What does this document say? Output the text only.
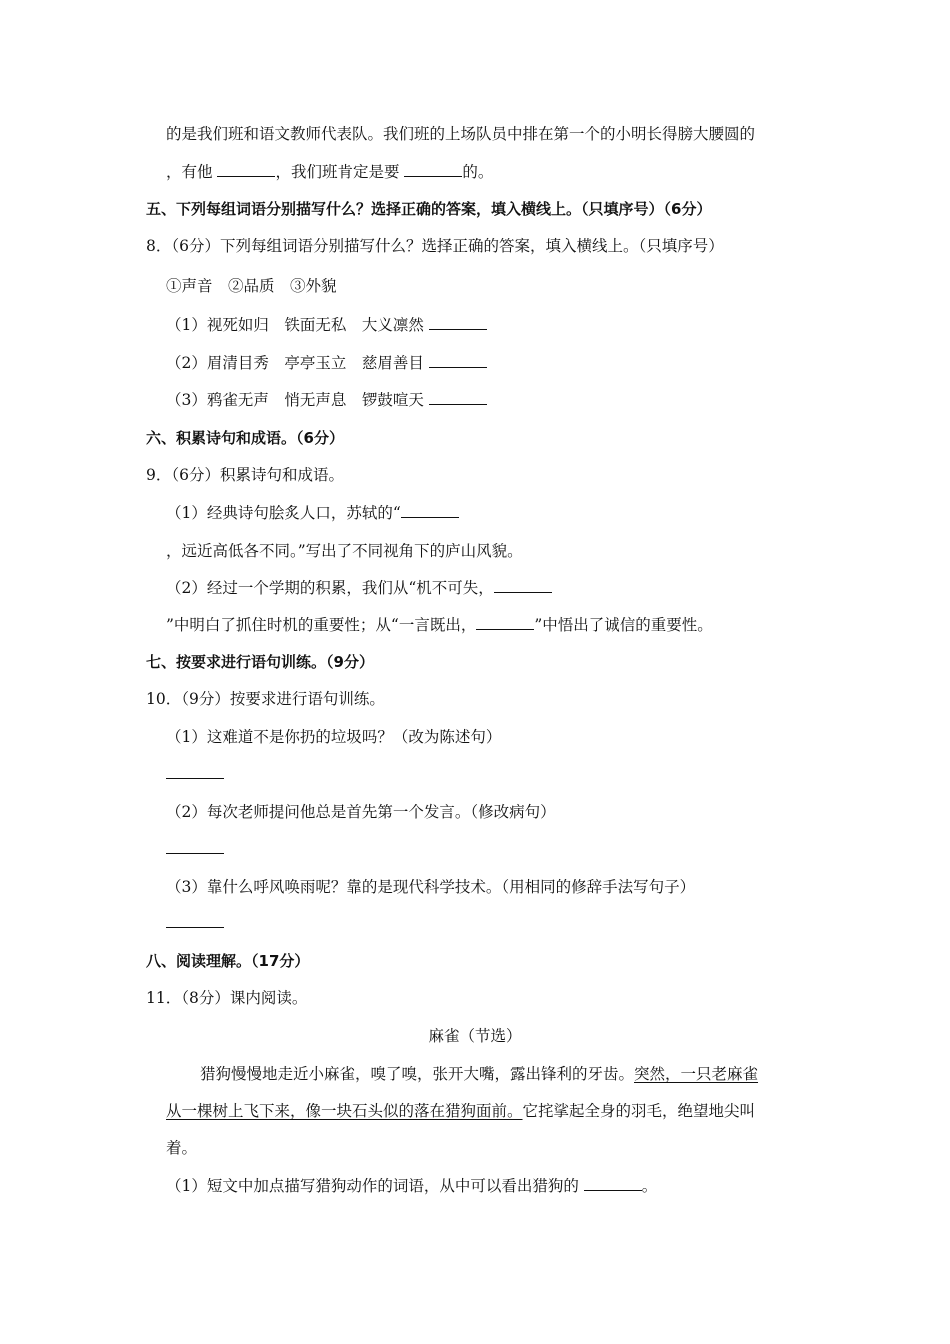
的是我们班和语文教师代表队。我们班的上场队员中排在第一个的小明长得膀大腰圆的
，有他	，我们班肯定是要	的。
五、下列每组词语分别描写什么？选择正确的答案，填入横线上。（只填序号）（6分）
8．（6分）下列每组词语分别描写什么？选择正确的答案，填入横线上。（只填序号）
①声音　②品质　③外貌
（1）视死如归　铁面无私　大义凛然
（2）眉清目秀　亭亭玉立　慈眉善目
（3）鸦雀无声　悄无声息　锣鼓喧天
六、积累诗句和成语。（6分）
9．（6分）积累诗句和成语。
（1）经典诗句脍炙人口，苏轼的“
，远近高低各不同。”写出了不同视角下的庐山风貌。
（2）经过一个学期的积累，我们从“机不可失，
”中明白了抓住时机的重要性；从“一言既出，	”中悟出了诚信的重要性。
七、按要求进行语句训练。（9分）
10．（9分）按要求进行语句训练。
（1）这难道不是你扔的垃圾吗？（改为陈述句）
（2）每次老师提问他总是首先第一个发言。（修改病句）
（3）靠什么呼风唤雨呢？靠的是现代科学技术。（用相同的修辞手法写句子）
八、阅读理解。（17分）
11．（8分）课内阅读。
麻雀（节选）
猎狗慢慢地走近小麻雀，嗅了嗅，张开大嘴，露出锋利的牙齿。突然，一只老麻雀
从一棵树上飞下来，像一块石头似的落在猎狗面前。它挓挲起全身的羽毛，绝望地尖叫
着。
（1）短文中加点描写猎狗动作的词语，从中可以看出猎狗的	。
